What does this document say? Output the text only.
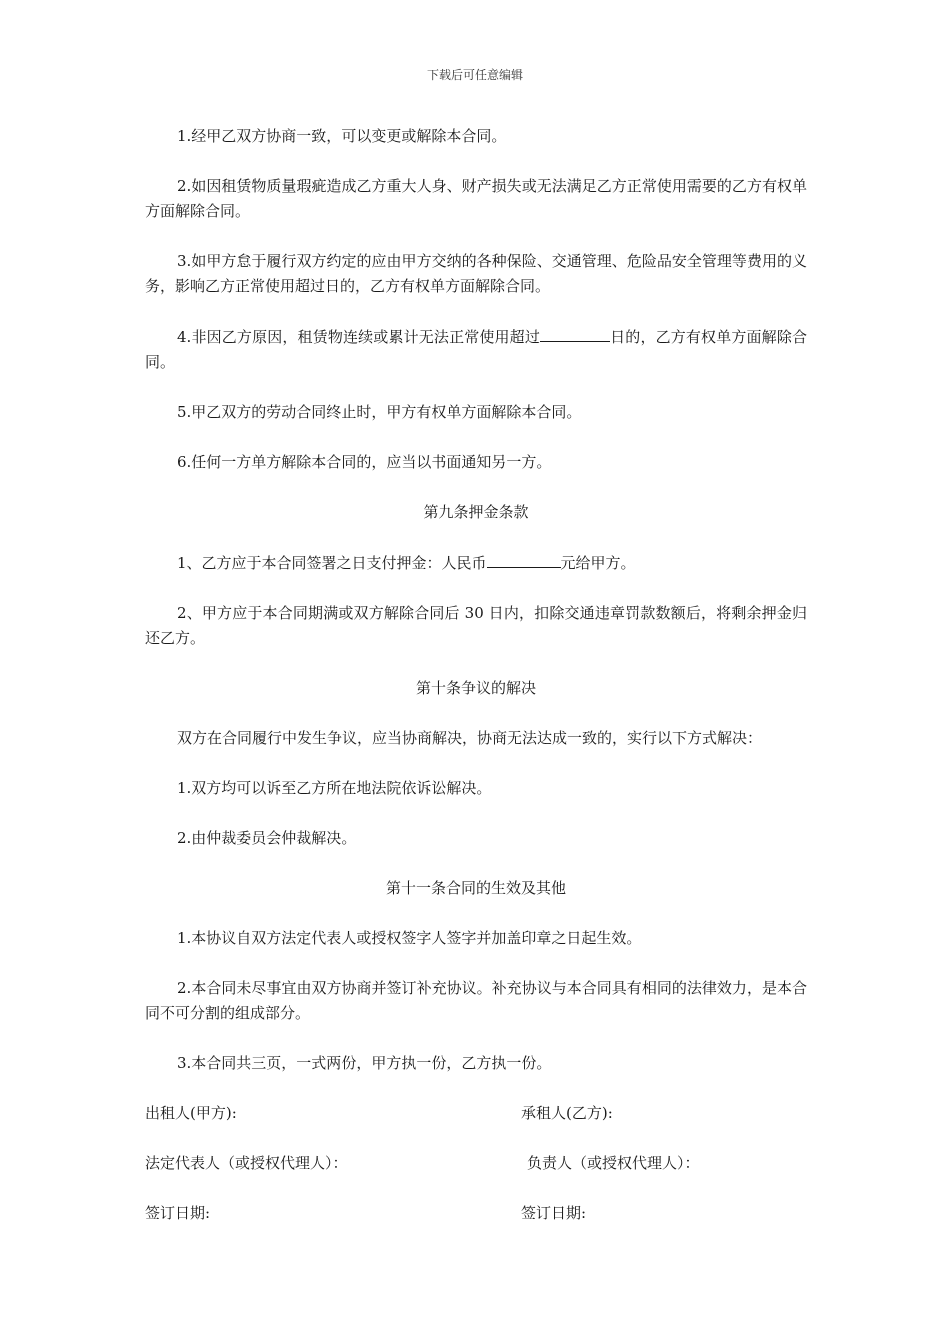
下载后可任意编辑

1.经甲乙双方协商一致，可以变更或解除本合同。

2.如因租赁物质量瑕疵造成乙方重大人身、财产损失或无法满足乙方正常使用需要的乙方有权单方面解除合同。

3.如甲方怠于履行双方约定的应由甲方交纳的各种保险、交通管理、危险品安全管理等费用的义务，影响乙方正常使用超过日的，乙方有权单方面解除合同。

4.非因乙方原因，租赁物连续或累计无法正常使用超过	日的，乙方有权单方面解除合同。

5.甲乙双方的劳动合同终止时，甲方有权单方面解除本合同。

6.任何一方单方解除本合同的，应当以书面通知另一方。

第九条押金条款

1、乙方应于本合同签署之日支付押金：人民币	元给甲方。

2、甲方应于本合同期满或双方解除合同后 30 日内，扣除交通违章罚款数额后，将剩余押金归还乙方。

第十条争议的解决

双方在合同履行中发生争议，应当协商解决，协商无法达成一致的，实行以下方式解决：

1.双方均可以诉至乙方所在地法院依诉讼解决。

2.由仲裁委员会仲裁解决。

第十一条合同的生效及其他

1.本协议自双方法定代表人或授权签字人签字并加盖印章之日起生效。

2.本合同未尽事宜由双方协商并签订补充协议。补充协议与本合同具有相同的法律效力，是本合同不可分割的组成部分。

3.本合同共三页，一式两份，甲方执一份，乙方执一份。

出租人(甲方):	承租人(乙方):
法定代表人（或授权代理人）：	负责人（或授权代理人）：
签订日期:	签订日期:
